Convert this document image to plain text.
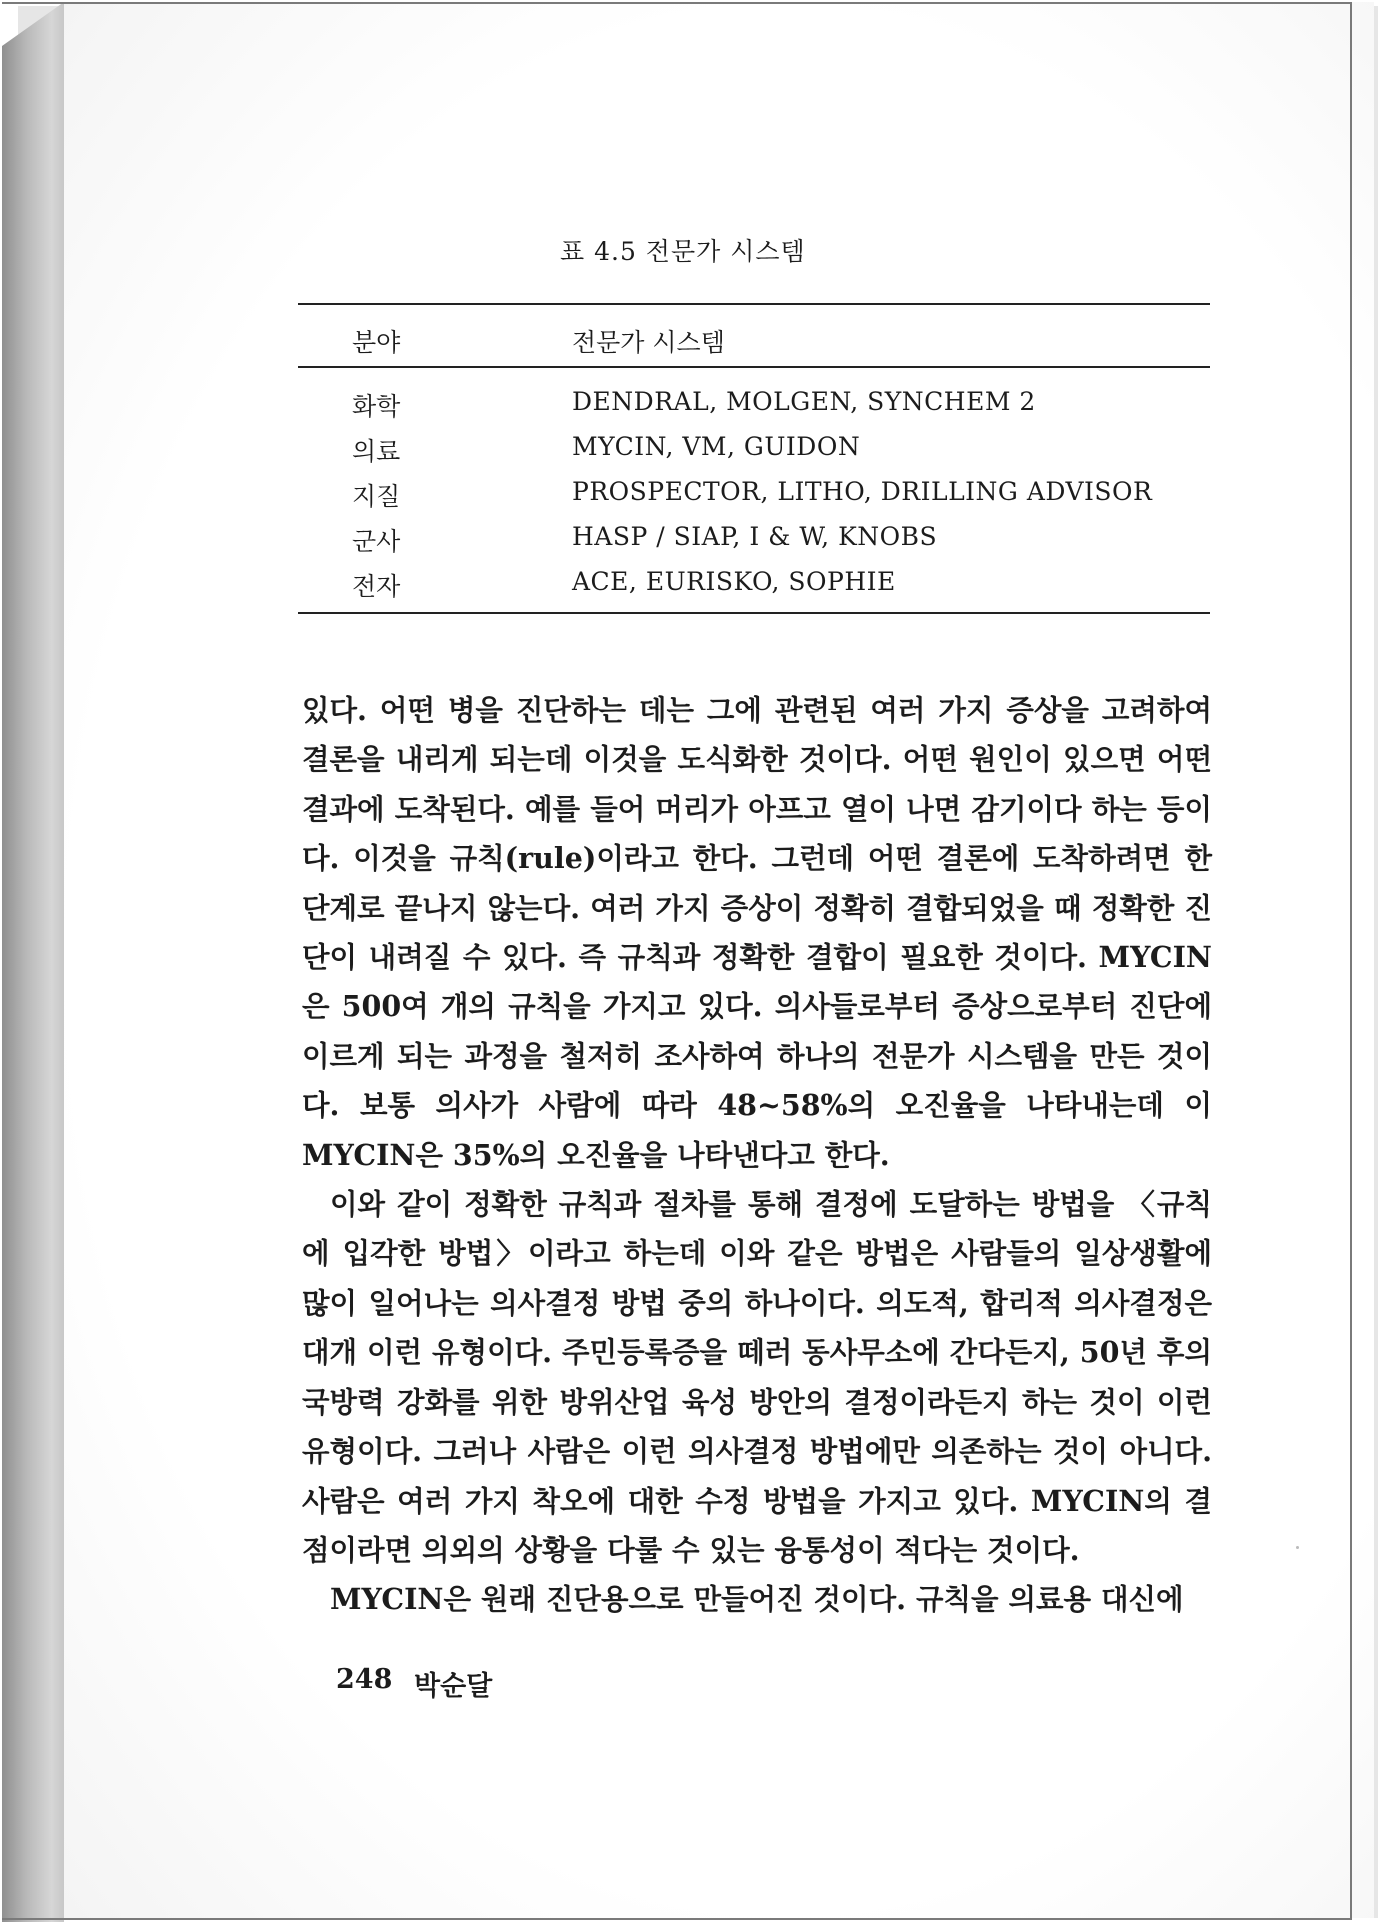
표 4.5 전문가 시스템
분야	전문가 시스템
화학	DENDRAL, MOLGEN, SYNCHEM 2
의료	MYCIN, VM, GUIDON
지질	PROSPECTOR, LITHO, DRILLING ADVISOR
군사	HASP / SIAP, I & W, KNOBS
전자	ACE, EURISKO, SOPHIE

있다. 어떤 병을 진단하는 데는 그에 관련된 여러 가지 증상을 고려하여 결론을 내리게 되는데 이것을 도식화한 것이다. 어떤 원인이 있으면 어떤 결과에 도착된다. 예를 들어 머리가 아프고 열이 나면 감기이다 하는 등이다. 이것을 규칙(rule)이라고 한다. 그런데 어떤 결론에 도착하려면 한 단계로 끝나지 않는다. 여러 가지 증상이 정확히 결합되었을 때 정확한 진단이 내려질 수 있다. 즉 규칙과 정확한 결합이 필요한 것이다. MYCIN은 500여 개의 규칙을 가지고 있다. 의사들로부터 증상으로부터 진단에 이르게 되는 과정을 철저히 조사하여 하나의 전문가 시스템을 만든 것이다. 보통 의사가 사람에 따라 48~58%의 오진율을 나타내는데 이 MYCIN은 35%의 오진율을 나타낸다고 한다.

이와 같이 정확한 규칙과 절차를 통해 결정에 도달하는 방법을 〈규칙에 입각한 방법〉이라고 하는데 이와 같은 방법은 사람들의 일상생활에 많이 일어나는 의사결정 방법 중의 하나이다. 의도적, 합리적 의사결정은 대개 이런 유형이다. 주민등록증을 떼러 동사무소에 간다든지, 50년 후의 국방력 강화를 위한 방위산업 육성 방안의 결정이라든지 하는 것이 이런 유형이다. 그러나 사람은 이런 의사결정 방법에만 의존하는 것이 아니다. 사람은 여러 가지 착오에 대한 수정 방법을 가지고 있다. MYCIN의 결점이라면 의외의 상황을 다룰 수 있는 융통성이 적다는 것이다.

MYCIN은 원래 진단용으로 만들어진 것이다. 규칙을 의료용 대신에

248 박순달
